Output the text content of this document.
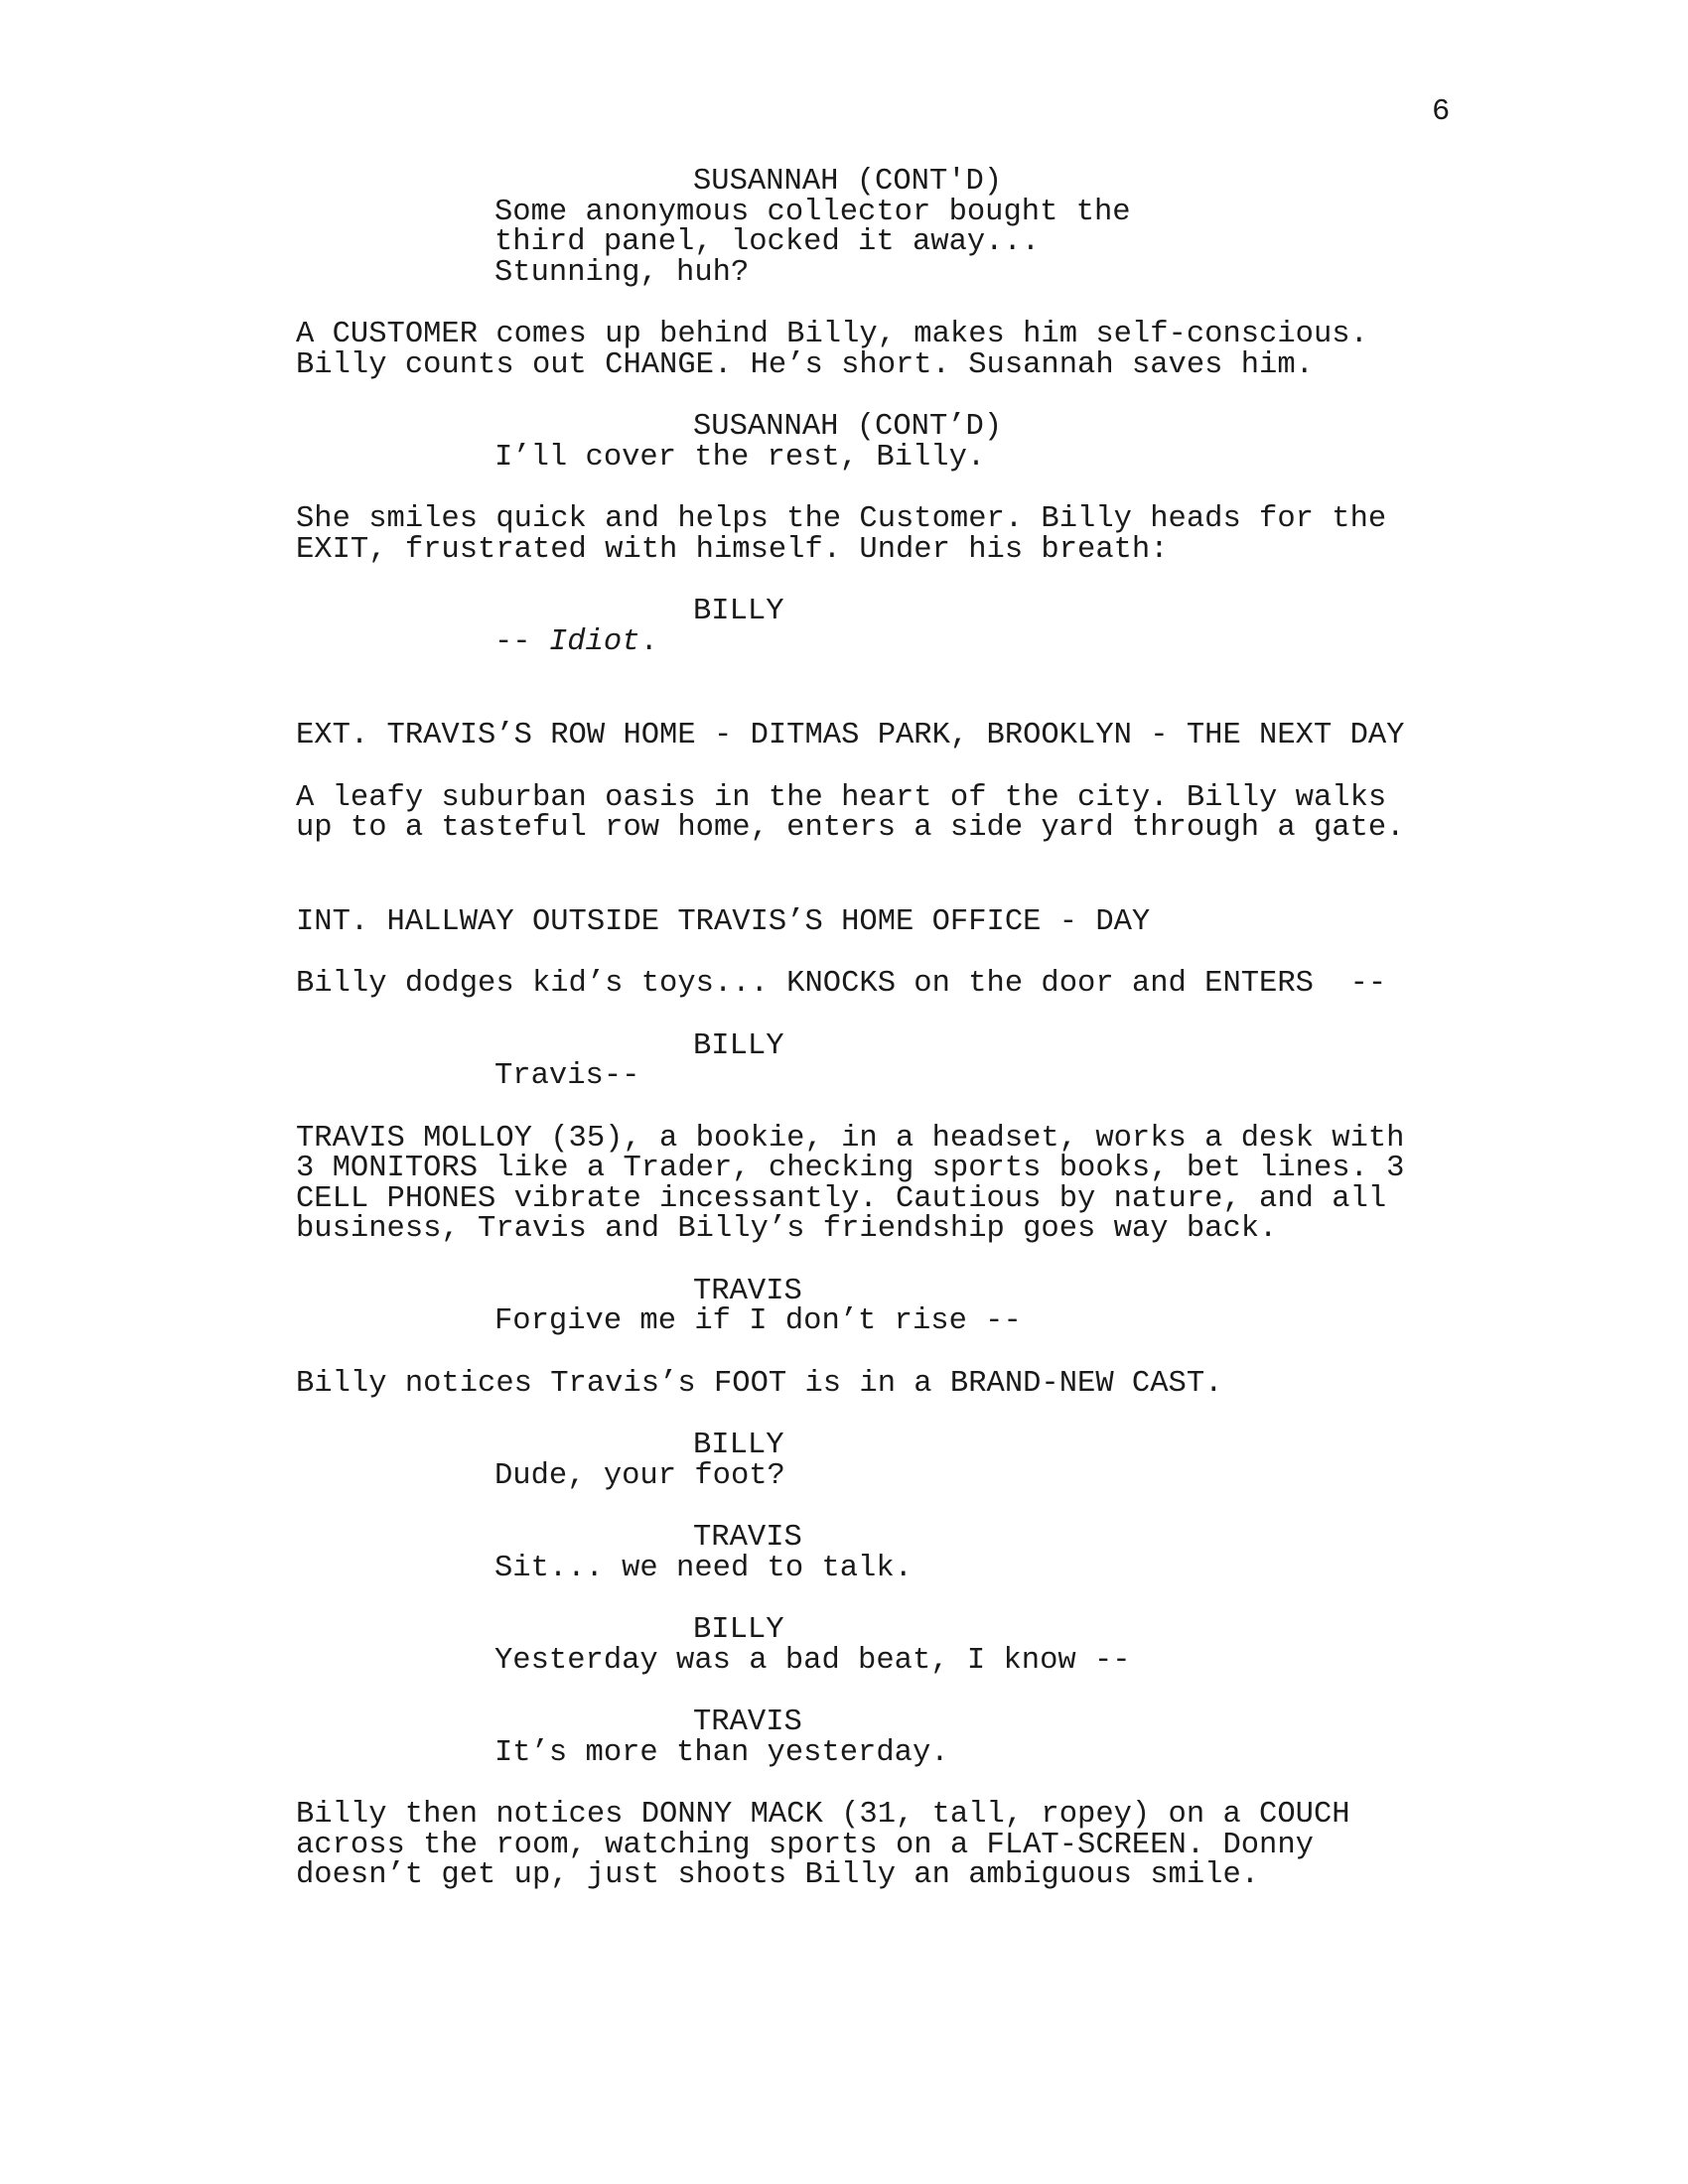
6
SUSANNAH (CONT'D)
Some anonymous collector bought the
third panel, locked it away...
Stunning, huh?
A CUSTOMER comes up behind Billy, makes him self-conscious.
Billy counts out CHANGE. He’s short. Susannah saves him.
SUSANNAH (CONT’D)
I’ll cover the rest, Billy.
She smiles quick and helps the Customer. Billy heads for the
EXIT, frustrated with himself. Under his breath:
BILLY
-- Idiot.
EXT. TRAVIS’S ROW HOME - DITMAS PARK, BROOKLYN - THE NEXT DAY
A leafy suburban oasis in the heart of the city. Billy walks
up to a tasteful row home, enters a side yard through a gate.
INT. HALLWAY OUTSIDE TRAVIS’S HOME OFFICE - DAY
Billy dodges kid’s toys... KNOCKS on the door and ENTERS  --
BILLY
Travis--
TRAVIS MOLLOY (35), a bookie, in a headset, works a desk with
3 MONITORS like a Trader, checking sports books, bet lines. 3
CELL PHONES vibrate incessantly. Cautious by nature, and all
business, Travis and Billy’s friendship goes way back.
TRAVIS
Forgive me if I don’t rise --
Billy notices Travis’s FOOT is in a BRAND-NEW CAST.
BILLY
Dude, your foot?
TRAVIS
Sit... we need to talk.
BILLY
Yesterday was a bad beat, I know --
TRAVIS
It’s more than yesterday.
Billy then notices DONNY MACK (31, tall, ropey) on a COUCH
across the room, watching sports on a FLAT-SCREEN. Donny
doesn’t get up, just shoots Billy an ambiguous smile.
